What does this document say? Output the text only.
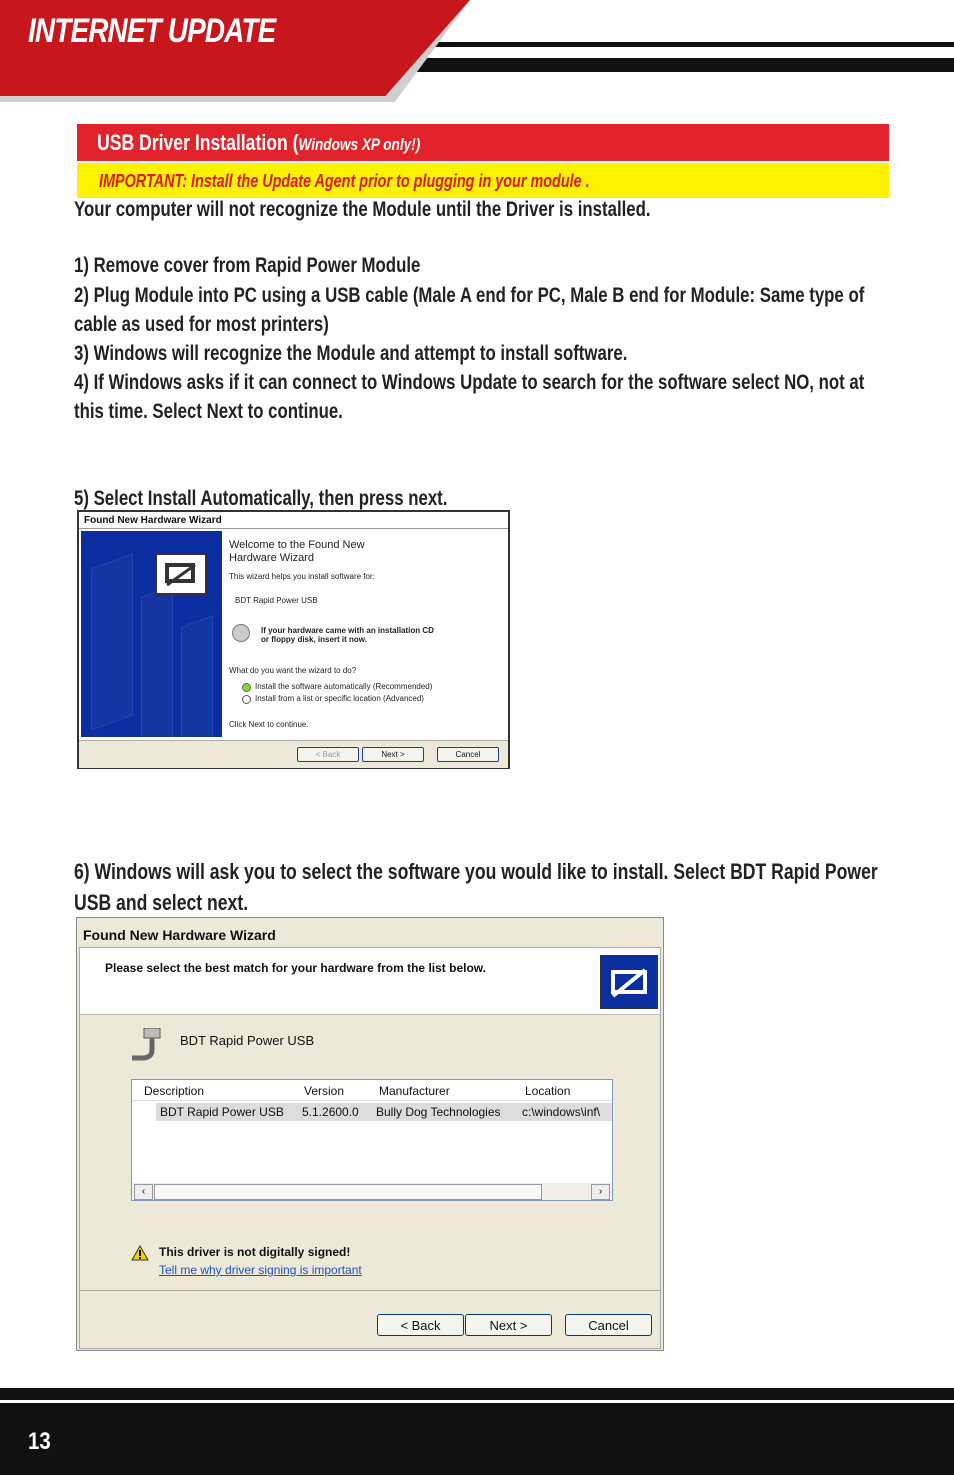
INTERNET UPDATE
USB Driver Installation (Windows XP only!)
IMPORTANT: Install the Update Agent prior to plugging in your module .
Your computer will not recognize the Module until the Driver is installed.
1) Remove cover from Rapid Power Module
2) Plug Module into PC using a USB cable (Male A end for PC, Male B end for Module: Same type of
cable as used for most printers)
3) Windows will recognize the Module and attempt to install software.
4) If Windows asks if it can connect to Windows Update to search for the software select NO, not at
this time. Select Next to continue.
5) Select Install Automatically, then press next.
Found New Hardware Wizard
Welcome to the Found New
Hardware Wizard
This wizard helps you install software for:
BDT Rapid Power USB
If your hardware came with an installation CD
or floppy disk, insert it now.
What do you want the wizard to do?
Install the software automatically (Recommended)
Install from a list or specific location (Advanced)
Click Next to continue.
< Back	Next >	Cancel
6) Windows will ask you to select the software you would like to install. Select BDT Rapid Power
USB and select next.
Found New Hardware Wizard
Please select the best match for your hardware from the list below.
BDT Rapid Power USB
Description	Version	Manufacturer	Location
BDT Rapid Power USB 5.1.2600.0 Bully Dog Technologies c:\windows\inf\
‹	›
This driver is not digitally signed!
Tell me why driver signing is important
< Back	Next >	Cancel
13
